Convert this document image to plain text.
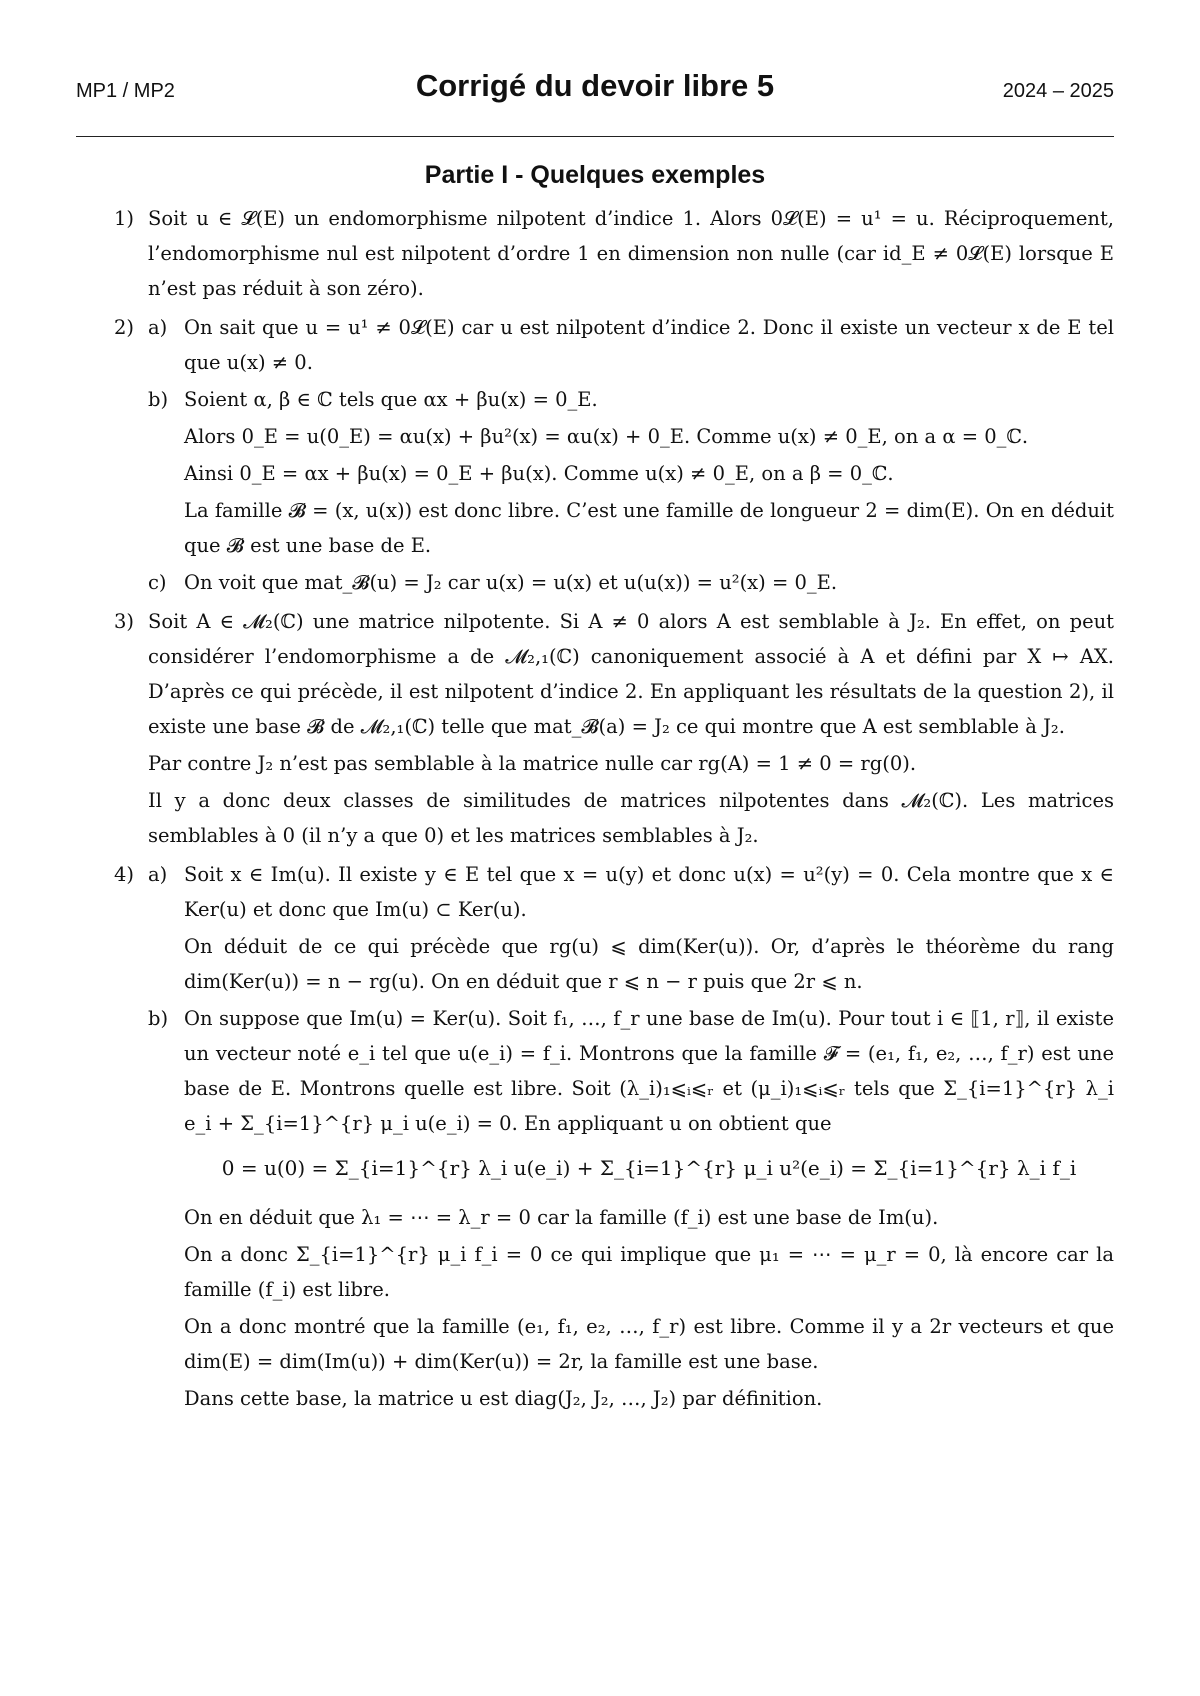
MP1 / MP2	Corrigé du devoir libre 5	2024 – 2025
Partie I - Quelques exemples
1) Soit u ∈ 𝓛(E) un endomorphisme nilpotent d’indice 1. Alors 0𝓛(E) = u¹ = u. Réciproquement, l’endomorphisme nul est nilpotent d’ordre 1 en dimension non nulle (car id_E ≠ 0𝓛(E) lorsque E n’est pas réduit à son zéro).

2) a) On sait que u = u¹ ≠ 0𝓛(E) car u est nilpotent d’indice 2. Donc il existe un vecteur x de E tel que u(x) ≠ 0.

b) Soient α, β ∈ ℂ tels que αx + βu(x) = 0_E.

Alors 0_E = u(0_E) = αu(x) + βu²(x) = αu(x) + 0_E. Comme u(x) ≠ 0_E, on a α = 0_ℂ.

Ainsi 0_E = αx + βu(x) = 0_E + βu(x). Comme u(x) ≠ 0_E, on a β = 0_ℂ.

La famille 𝓑 = (x, u(x)) est donc libre. C’est une famille de longueur 2 = dim(E). On en déduit que 𝓑 est une base de E.

c) On voit que mat_𝓑(u) = J₂ car u(x) = u(x) et u(u(x)) = u²(x) = 0_E.

3) Soit A ∈ 𝓜₂(ℂ) une matrice nilpotente. Si A ≠ 0 alors A est semblable à J₂. En effet, on peut considérer l’endomorphisme a de 𝓜₂,₁(ℂ) canoniquement associé à A et défini par X ↦ AX. D’après ce qui précède, il est nilpotent d’indice 2. En appliquant les résultats de la question 2), il existe une base 𝓑 de 𝓜₂,₁(ℂ) telle que mat_𝓑(a) = J₂ ce qui montre que A est semblable à J₂.

Par contre J₂ n’est pas semblable à la matrice nulle car rg(A) = 1 ≠ 0 = rg(0).

Il y a donc deux classes de similitudes de matrices nilpotentes dans 𝓜₂(ℂ). Les matrices semblables à 0 (il n’y a que 0) et les matrices semblables à J₂.

4) a) Soit x ∈ Im(u). Il existe y ∈ E tel que x = u(y) et donc u(x) = u²(y) = 0. Cela montre que x ∈ Ker(u) et donc que Im(u) ⊂ Ker(u).

On déduit de ce qui précède que rg(u) ⩽ dim(Ker(u)). Or, d’après le théorème du rang dim(Ker(u)) = n − rg(u). On en déduit que r ⩽ n − r puis que 2r ⩽ n.

b) On suppose que Im(u) = Ker(u). Soit f₁, …, f_r une base de Im(u). Pour tout i ∈ ⟦1, r⟧, il existe un vecteur noté e_i tel que u(e_i) = f_i. Montrons que la famille 𝓕 = (e₁, f₁, e₂, …, f_r) est une base de E. Montrons quelle est libre. Soit (λ_i)₁⩽ᵢ⩽ᵣ et (μ_i)₁⩽ᵢ⩽ᵣ tels que Σ_{i=1}^{r} λ_i e_i + Σ_{i=1}^{r} μ_i u(e_i) = 0. En appliquant u on obtient que

0 = u(0) = Σ_{i=1}^{r} λ_i u(e_i) + Σ_{i=1}^{r} μ_i u²(e_i) = Σ_{i=1}^{r} λ_i f_i

On en déduit que λ₁ = ⋯ = λ_r = 0 car la famille (f_i) est une base de Im(u).

On a donc Σ_{i=1}^{r} μ_i f_i = 0 ce qui implique que μ₁ = ⋯ = μ_r = 0, là encore car la famille (f_i) est libre.

On a donc montré que la famille (e₁, f₁, e₂, …, f_r) est libre. Comme il y a 2r vecteurs et que dim(E) = dim(Im(u)) + dim(Ker(u)) = 2r, la famille est une base.

Dans cette base, la matrice u est diag(J₂, J₂, …, J₂) par définition.
